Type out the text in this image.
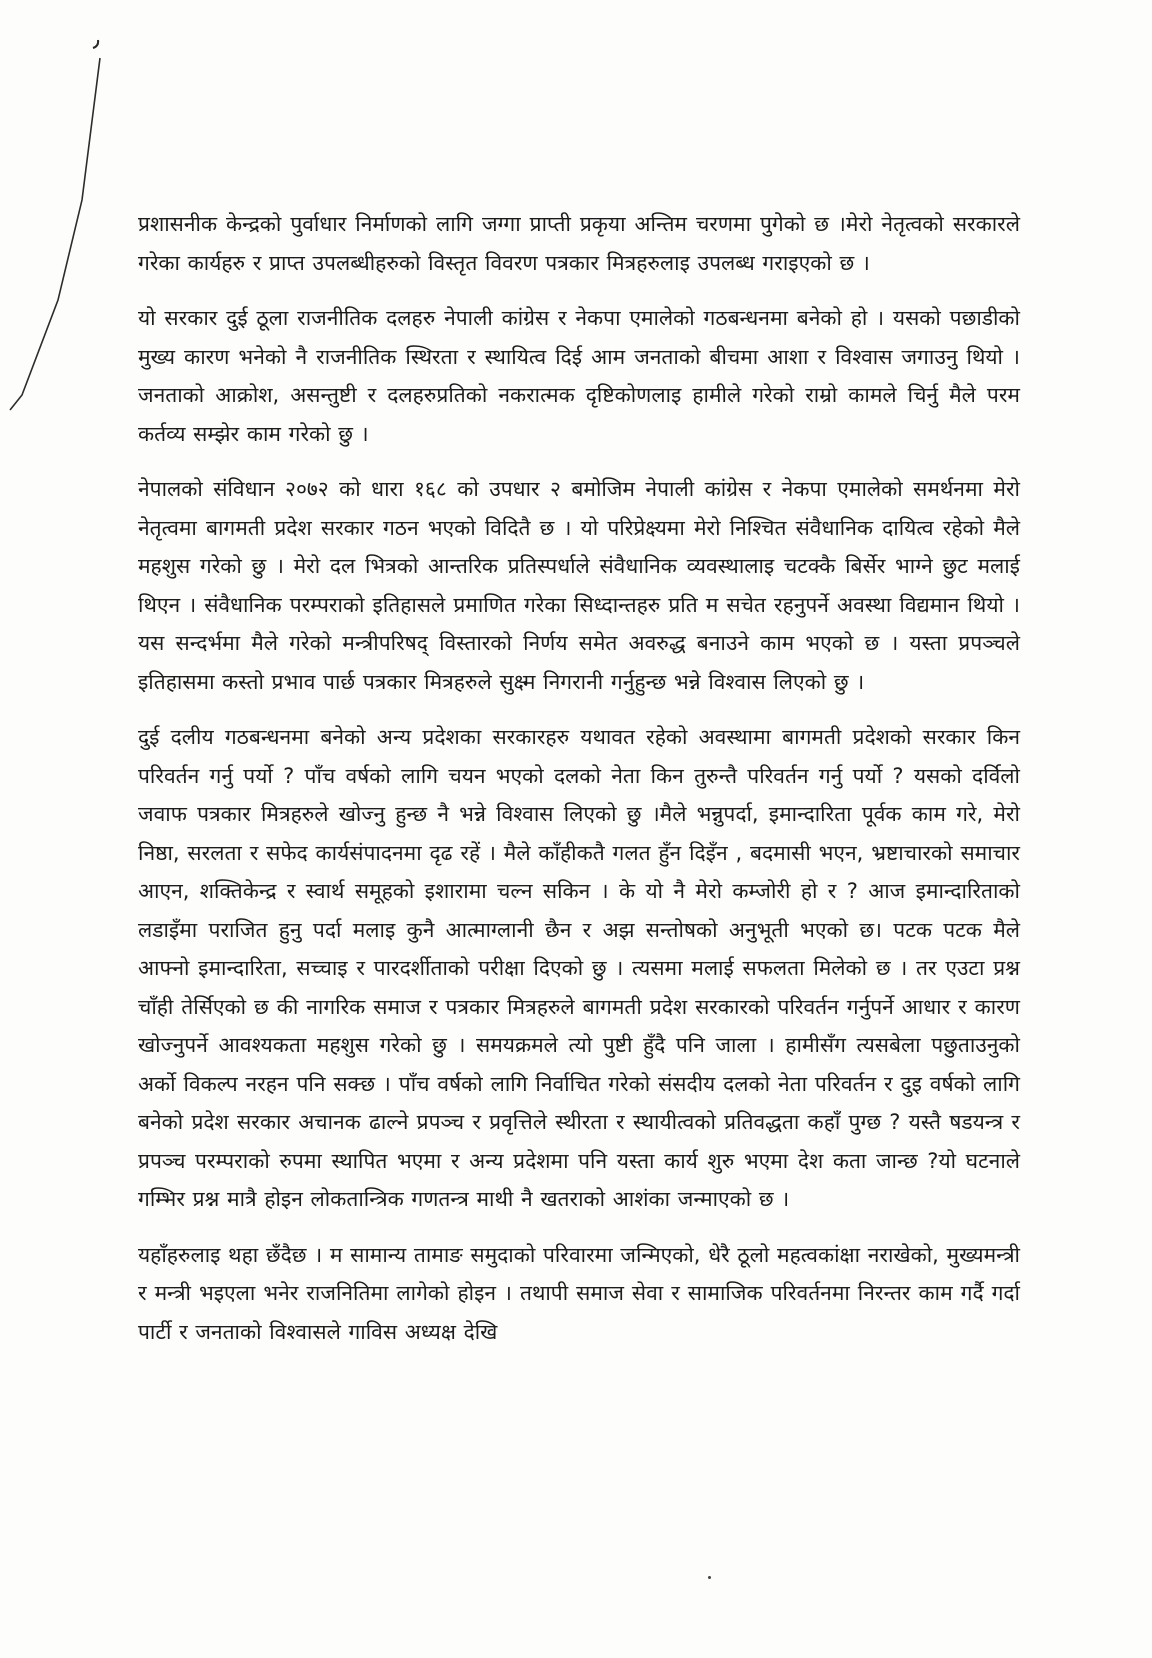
प्रशासनीक केन्द्रको पुर्वाधार निर्माणको लागि जग्गा प्राप्ती प्रकृया अन्तिम चरणमा पुगेको छ ।मेरो नेतृत्वको सरकारले गरेका कार्यहरु र प्राप्त उपलब्धीहरुको विस्तृत विवरण पत्रकार मित्रहरुलाइ उपलब्ध गराइएको छ ।

यो सरकार दुई ठूला राजनीतिक दलहरु नेपाली कांग्रेस र नेकपा एमालेको गठबन्धनमा बनेको हो । यसको पछाडीको मुख्य कारण भनेको नै राजनीतिक स्थिरता र स्थायित्व दिई आम जनताको बीचमा आशा र विश्वास जगाउनु थियो । जनताको आक्रोश, असन्तुष्टी र दलहरुप्रतिको नकरात्मक दृष्टिकोणलाइ हामीले गरेको राम्रो कामले चिर्नु मैले परम कर्तव्य सम्झेर काम गरेको छु ।

नेपालको संविधान २०७२ को धारा १६८ को उपधार २ बमोजिम नेपाली कांग्रेस र नेकपा एमालेको समर्थनमा मेरो नेतृत्वमा बागमती प्रदेश सरकार गठन भएको विदितै छ । यो परिप्रेक्ष्यमा मेरो निश्चित संवैधानिक दायित्व रहेको मैले महशुस गरेको छु । मेरो दल भित्रको आन्तरिक प्रतिस्पर्धाले संवैधानिक व्यवस्थालाइ चटक्कै बिर्सेर भाग्ने छुट मलाई थिएन । संवैधानिक परम्पराको इतिहासले प्रमाणित गरेका सिध्दान्तहरु प्रति म सचेत रहनुपर्ने अवस्था विद्यमान थियो । यस सन्दर्भमा मैले गरेको मन्त्रीपरिषद् विस्तारको निर्णय समेत अवरुद्ध बनाउने काम भएको छ । यस्ता प्रपञ्चले इतिहासमा कस्तो प्रभाव पार्छ पत्रकार मित्रहरुले सुक्ष्म निगरानी गर्नुहुन्छ भन्ने विश्वास लिएको छु ।

दुई दलीय गठबन्धनमा बनेको अन्य प्रदेशका सरकारहरु यथावत रहेको अवस्थामा बागमती प्रदेशको सरकार किन परिवर्तन गर्नु पर्यो ? पाँच वर्षको लागि चयन भएको दलको नेता किन तुरुन्तै परिवर्तन गर्नु पर्यो ? यसको दर्विलो जवाफ पत्रकार मित्रहरुले खोज्नु हुन्छ नै भन्ने विश्वास लिएको छु ।मैले भन्नुपर्दा, इमान्दारिता पूर्वक काम गरे, मेरो निष्ठा, सरलता र सफेद कार्यसंपादनमा दृढ रहें । मैले काँहीकतै गलत हुँन दिइँन , बदमासी भएन, भ्रष्टाचारको समाचार आएन, शक्तिकेन्द्र र स्वार्थ समूहको इशारामा चल्न सकिन । के यो नै मेरो कम्जोरी हो र ? आज इमान्दारिताको लडाइँमा पराजित हुनु पर्दा मलाइ कुनै आत्माग्लानी छैन र अझ सन्तोषको अनुभूती भएको छ। पटक पटक मैले आफ्नो इमान्दारिता, सच्चाइ र पारदर्शीताको परीक्षा दिएको छु । त्यसमा मलाई सफलता मिलेको छ । तर एउटा प्रश्न चाँही तेर्सिएको छ की नागरिक समाज र पत्रकार मित्रहरुले बागमती प्रदेश सरकारको परिवर्तन गर्नुपर्ने आधार र कारण खोज्नुपर्ने आवश्यकता महशुस गरेको छु । समयक्रमले त्यो पुष्टी हुँदै पनि जाला । हामीसँग त्यसबेला पछुताउनुको अर्को विकल्प नरहन पनि सक्छ । पाँच वर्षको लागि निर्वाचित गरेको संसदीय दलको नेता परिवर्तन र दुइ वर्षको लागि बनेको प्रदेश सरकार अचानक ढाल्ने प्रपञ्च र प्रवृत्तिले स्थीरता र स्थायीत्वको प्रतिवद्धता कहाँ पुग्छ ? यस्तै षडयन्त्र र प्रपञ्च परम्पराको रुपमा स्थापित भएमा र अन्य प्रदेशमा पनि यस्ता कार्य शुरु भएमा देश कता जान्छ ?यो घटनाले गम्भिर प्रश्न मात्रै होइन लोकतान्त्रिक गणतन्त्र माथी नै खतराको आशंका जन्माएको छ ।

यहाँहरुलाइ थहा छँदैछ । म सामान्य तामाङ समुदाको परिवारमा जन्मिएको, धेरै ठूलो महत्वकांक्षा नराखेको, मुख्यमन्त्री र मन्त्री भइएला भनेर राजनितिमा लागेको होइन । तथापी समाज सेवा र सामाजिक परिवर्तनमा निरन्तर काम गर्दै गर्दा पार्टी र जनताको विश्वासले गाविस अध्यक्ष देखि
